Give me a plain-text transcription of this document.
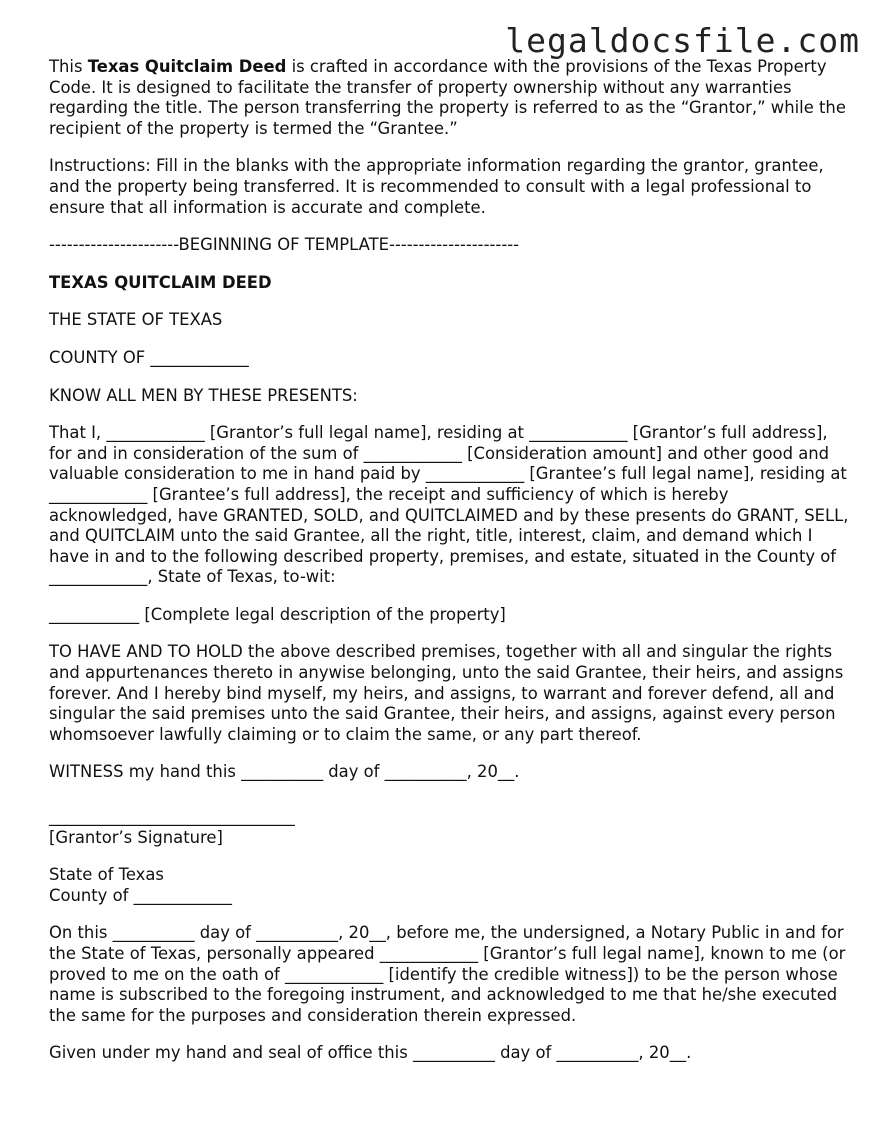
legaldocsfile.com

This Texas Quitclaim Deed is crafted in accordance with the provisions of the Texas Property Code. It is designed to facilitate the transfer of property ownership without any warranties regarding the title. The person transferring the property is referred to as the “Grantor,” while the recipient of the property is termed the “Grantee.”

Instructions: Fill in the blanks with the appropriate information regarding the grantor, grantee, and the property being transferred. It is recommended to consult with a legal professional to ensure that all information is accurate and complete.

----------------------BEGINNING OF TEMPLATE----------------------

TEXAS QUITCLAIM DEED

THE STATE OF TEXAS

COUNTY OF ____________

KNOW ALL MEN BY THESE PRESENTS:

That I, ____________ [Grantor’s full legal name], residing at ____________ [Grantor’s full address], for and in consideration of the sum of ____________ [Consideration amount] and other good and valuable consideration to me in hand paid by ____________ [Grantee’s full legal name], residing at ____________ [Grantee’s full address], the receipt and sufficiency of which is hereby acknowledged, have GRANTED, SOLD, and QUITCLAIMED and by these presents do GRANT, SELL, and QUITCLAIM unto the said Grantee, all the right, title, interest, claim, and demand which I have in and to the following described property, premises, and estate, situated in the County of ____________, State of Texas, to-wit:

___________ [Complete legal description of the property]

TO HAVE AND TO HOLD the above described premises, together with all and singular the rights and appurtenances thereto in anywise belonging, unto the said Grantee, their heirs, and assigns forever. And I hereby bind myself, my heirs, and assigns, to warrant and forever defend, all and singular the said premises unto the said Grantee, their heirs, and assigns, against every person whomsoever lawfully claiming or to claim the same, or any part thereof.

WITNESS my hand this __________ day of __________, 20__.

______________________________
[Grantor’s Signature]

State of Texas
County of ____________

On this __________ day of __________, 20__, before me, the undersigned, a Notary Public in and for the State of Texas, personally appeared ____________ [Grantor’s full legal name], known to me (or proved to me on the oath of ____________ [identify the credible witness]) to be the person whose name is subscribed to the foregoing instrument, and acknowledged to me that he/she executed the same for the purposes and consideration therein expressed.

Given under my hand and seal of office this __________ day of __________, 20__.
